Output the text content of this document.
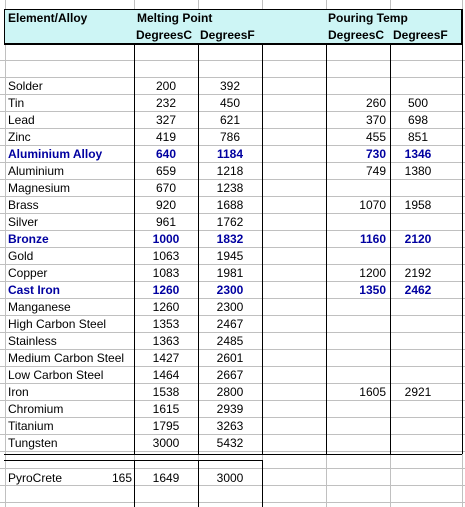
Element/Alloy	Melting Point	Pouring Temp
DegreesC DegreesF	DegreesC DegreesF
Solder	200	392
Tin	232	450	260	500
Lead	327	621	370	698
Zinc	419	786	455	851
Aluminium Alloy	640	1184	730	1346
Aluminium	659	1218	749	1380
Magnesium	670	1238
Brass	920	1688	1070	1958
Silver	961	1762
Bronze	1000	1832	1160	2120
Gold	1063	1945
Copper	1083	1981	1200	2192
Cast Iron	1260	2300	1350	2462
Manganese	1260	2300
High Carbon Steel	1353	2467
Stainless	1363	2485
Medium Carbon Steel	1427	2601
Low Carbon Steel	1464	2667
Iron	1538	2800	1605	2921
Chromium	1615	2939
Titanium	1795	3263
Tungsten	3000	5432
PyroCrete	165	1649	3000
